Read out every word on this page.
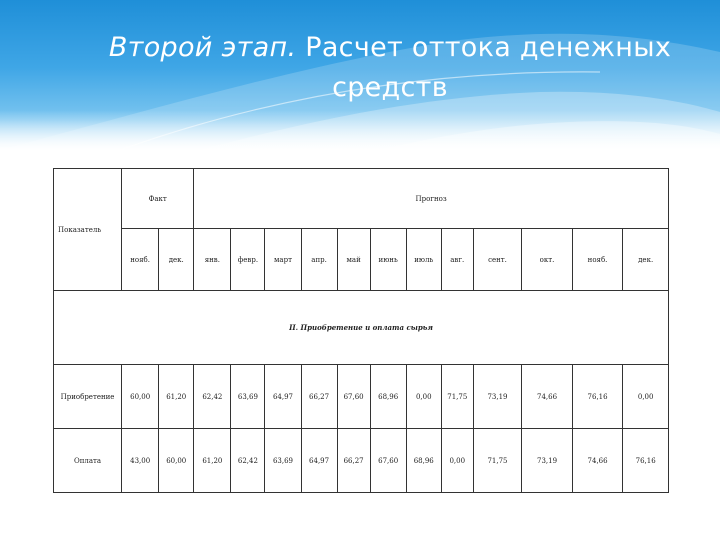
Второй этап. Расчет оттока денежных
средств
Показатель	Факт		Прогноз											
	нояб.	дек.	янв.	февр.	март	апр.	май	июнь	июль	авг.	сент.	окт.	нояб.	дек.
II. Приобретение и оплата сырья														
Приобретение	60,00	61,20	62,42	63,69	64,97	66,27	67,60	68,96	0,00	71,75	73,19	74,66	76,16	0,00
Оплата	43,00	60,00	61,20	62,42	63,69	64,97	66,27	67,60	68,96	0,00	71,75	73,19	74,66	76,16
